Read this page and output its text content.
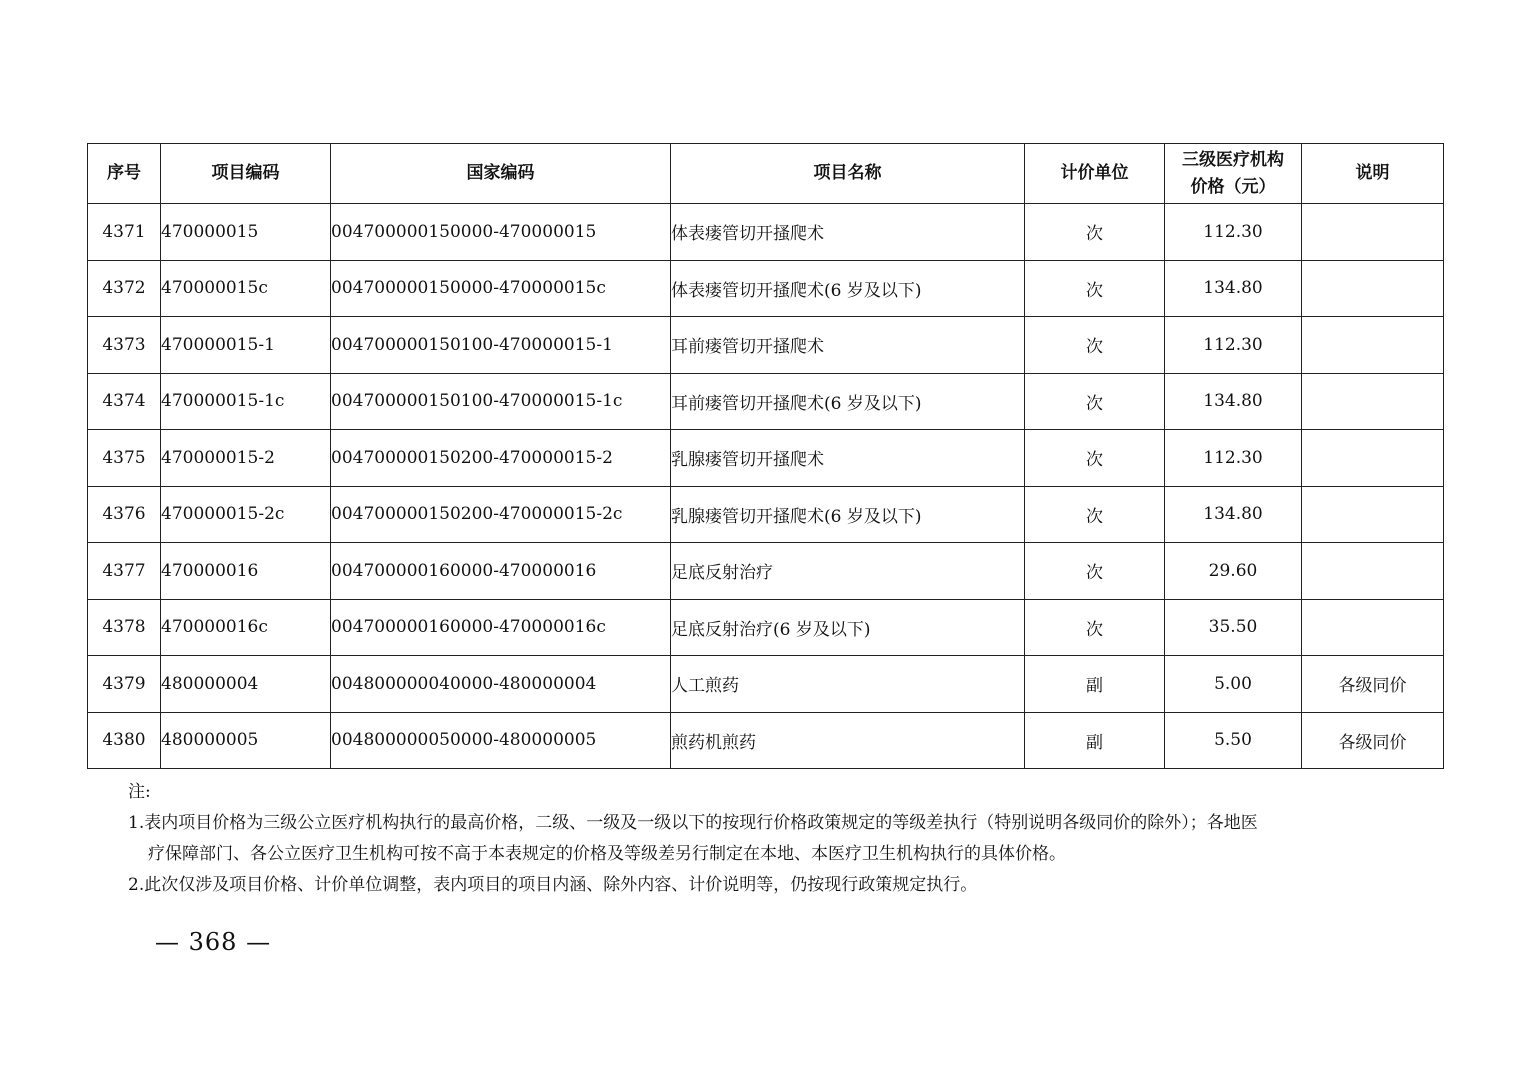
序号	项目编码	国家编码	项目名称	计价单位	三级医疗机构
价格（元）	说明
4371	470000015	004700000150000-470000015	体表瘘管切开搔爬术	次	112.30	
4372	470000015c	004700000150000-470000015c	体表瘘管切开搔爬术(6 岁及以下)	次	134.80	
4373	470000015-1	004700000150100-470000015-1	耳前瘘管切开搔爬术	次	112.30	
4374	470000015-1c	004700000150100-470000015-1c	耳前瘘管切开搔爬术(6 岁及以下)	次	134.80	
4375	470000015-2	004700000150200-470000015-2	乳腺瘘管切开搔爬术	次	112.30	
4376	470000015-2c	004700000150200-470000015-2c	乳腺瘘管切开搔爬术(6 岁及以下)	次	134.80	
4377	470000016	004700000160000-470000016	足底反射治疗	次	29.60	
4378	470000016c	004700000160000-470000016c	足底反射治疗(6 岁及以下)	次	35.50	
4379	480000004	004800000040000-480000004	人工煎药	副	5.00	各级同价
4380	480000005	004800000050000-480000005	煎药机煎药	副	5.50	各级同价
注:
1.表内项目价格为三级公立医疗机构执行的最高价格，二级、一级及一级以下的按现行价格政策规定的等级差执行（特别说明各级同价的除外）；各地医
疗保障部门、各公立医疗卫生机构可按不高于本表规定的价格及等级差另行制定在本地、本医疗卫生机构执行的具体价格。
2.此次仅涉及项目价格、计价单位调整，表内项目的项目内涵、除外内容、计价说明等，仍按现行政策规定执行。
— 368 —
